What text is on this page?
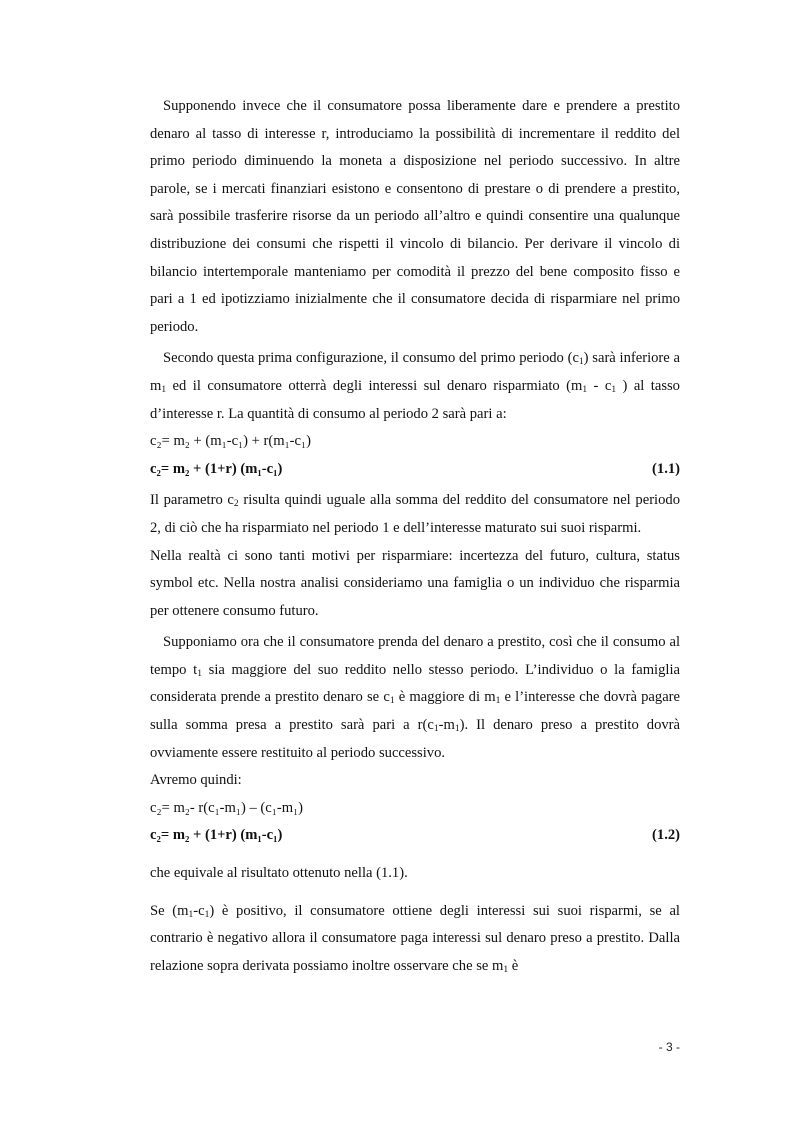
Supponendo invece che il consumatore possa liberamente dare e prendere a prestito denaro al tasso di interesse r, introduciamo la possibilità di incrementare il reddito del primo periodo diminuendo la moneta a disposizione nel periodo successivo. In altre parole, se i mercati finanziari esistono e consentono di prestare o di prendere a prestito, sarà possibile trasferire risorse da un periodo all’altro e quindi consentire una qualunque distribuzione dei consumi che rispetti il vincolo di bilancio. Per derivare il vincolo di bilancio intertemporale manteniamo per comodità il prezzo del bene composito fisso e pari a 1 ed ipotizziamo inizialmente che il consumatore decida di risparmiare nel primo periodo.

Secondo questa prima configurazione, il consumo del primo periodo $(c_1)$ sarà inferiore a $m_1$ ed il consumatore otterrà degli interessi sul denaro risparmiato ($m_1 - c_1$ ) al tasso d’interesse r. La quantità di consumo al periodo 2 sarà pari a:

c₂= m₂ + (m₁-c₁) + r(m₁-c₁)
c₂= m₂ + (1+r) (m₁-c₁)	(1.1)

Il parametro $c_2$ risulta quindi uguale alla somma del reddito del consumatore nel periodo 2, di ciò che ha risparmiato nel periodo 1 e dell’interesse maturato sui suoi risparmi.

Nella realtà ci sono tanti motivi per risparmiare: incertezza del futuro, cultura, status symbol etc. Nella nostra analisi consideriamo una famiglia o un individuo che risparmia per ottenere consumo futuro.

Supponiamo ora che il consumatore prenda del denaro a prestito, così che il consumo al tempo $t_1$ sia maggiore del suo reddito nello stesso periodo. L’individuo o la famiglia considerata prende a prestito denaro se $c_1$ è maggiore di $m_1$ e l’interesse che dovrà pagare sulla somma presa a prestito sarà pari a $r(c_1-m_1)$. Il denaro preso a prestito dovrà ovviamente essere restituito al periodo successivo.

Avremo quindi:

c₂= m₂- r(c₁-m₁) – (c₁-m₁)
c₂= m₂ + (1+r) (m₁-c₁)	(1.2)

che equivale al risultato ottenuto nella (1.1).

Se $(m_1-c_1)$ è positivo, il consumatore ottiene degli interessi sui suoi risparmi, se al contrario è negativo allora il consumatore paga interessi sul denaro preso a prestito. Dalla relazione sopra derivata possiamo inoltre osservare che se $m_1$ è

- 3 -
